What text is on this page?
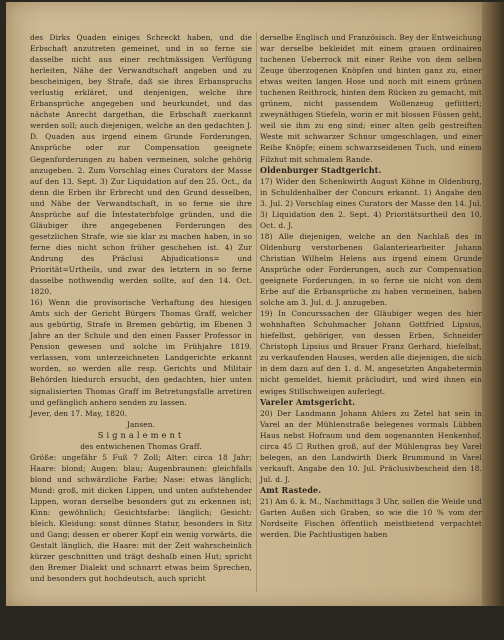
des Dirks Quaden einiges Schreckt haben, und die Erbschaft anzutreten gemeinet, und in so ferne sie dasselbe nicht aus einer rechtmässigen Verfügung herleiten, Nähe der Verwandtschaft angeben und zu bescheinigen, bey Strafe, daß sie ihres Erbanspruchs verlustig erkläret, und denjenigen, welche ihre Erbansprüche angegeben und beurkundet, und das nächste Anrecht dargethan, die Erbschaft zuerkannt werden soll; auch diejenigen, welche an den gedachten J. D. Quaden aus irgend einem Grunde Forderungen, Ansprüche oder zur Compensation geeignete Gegenforderungen zu haben vermeinen, solche gehörig anzugeben. 2. Zum Vorschlag eines Curators der Masse auf den 13. Sept. 3) Zur Liquidation auf den 25. Oct., da denn die Erben ihr Erbrecht und den Grund desselben, und Nähe der Verwandtschaft, in so ferne sie ihre Ansprüche auf die Intestaterbfolge gründen, und die Gläubiger ihre angegebenen Forderungen des gesetzlichen Strafe, wie sie klar zu machen haben, in so ferne dies nicht schon früher geschehen ist. 4) Zur Andrung des Präclusi Abjudications= und Priorität=Urtheils, und zwar des letztern in so ferne dasselbe nothwendig werden sollte, auf den 14. Oct. 1820.

16) Wenn die provisorische Verhaftung des hiesigen Amts sich der Gericht Bürgers Thomas Graff, welcher aus gebürtig, Strafe in Bremen gebürtig, im Ebenen 3 Jahre an der Schule und den einen Fasser Professor in Pension gewesen und solche im Frühjahre 1819. verlassen, vom unterzeichneten Landgerichte erkannt worden, so werden alle resp. Gerichts und Militair Behörden hiedurch ersucht, den gedachten, hier unten signalisierten Thomas Graff im Betretungsfalle arretiren und gefänglich anhero senden zu lassen.

Jever, den 17. May, 1820.

Jansen.

Signalement

des entwichenen Thomas Graff.

Größe: ungefähr 5 Fuß 7 Zoll; Alter: circa 18 Jahr; Haare: blond; Augen: blau; Augenbraunen: gleichfalls blond und schwärzliche Farbe; Nase: etwas länglich; Mund: groß, mit dicken Lippen, und unten aufstehender Lippen, woran derselbe besonders gut zu erkennen ist; Kinn: gewöhnlich; Gesichtsfarbe: länglich; Gesicht: bleich. Kleidung: sonst dünnes Statur, besonders in Sitz und Gang; dessen er oberer Kopf ein wenig vorwärts, die Gestalt länglich, die Haare: mit der Zeit wahrscheinlich kürzer geschnitten und trägt deshalb einen Hut; spricht den Bremer Dialekt und schnarrt etwas beim Sprechen, und besonders gut hochdeutsch, auch spricht

derselbe Englisch und Französisch. Bey der Entweichung war derselbe bekleidet mit einem grauen ordinairen tuchenen Ueberrock mit einer Reihe von dem selben Zeuge überzogenen Knöpfen und hinten ganz zu, einer etwas weiten langen Hose und noch mit einem grünen tuchenen Reithrock, hinten dem Rücken zu gemacht, mit grünem, nicht passendem Wollenzeug gefüttert; zweynäthigen Stiefeln, worin er mit blossen Füssen geht, weil sie ihm zu eng sind; einer alten gelb gestreiften Weste mit schwarzer Schnur umgeschlagen, und einer Reihe Knöpfe; einem schwarzseidenen Tuch, und einem Filzhut mit schmalem Rande.

Oldenburger Stadtgericht.

17) Wider den Schenkwirth August Köhne in Oldenburg, in Schuldenhalber der Concurs erkannt. 1) Angabe den 3. Jul. 2) Vorschlag eines Curators der Masse den 14. Jul. 3) Liquidation den 2. Sept. 4) Prioritätsurtheil den 10. Oct. d. J.

18) Alle diejenigen, welche an den Nachlaß des in Oldenburg verstorbenen Galanteriearbeiter Johann Christian Wilhelm Helens aus irgend einem Grunde Ansprüche oder Forderungen, auch zur Compensation geeignete Forderungen, in so ferne sie nicht von dem Erbe auf die Erbansprüche zu haben vermeinen, haben solche am 3. Jul. d. J. anzugeben.

19) In Concurssachen der Gläubiger wegen des hier wohnhaften Schuhmacher Johann Gottfried Lipsius, hiefelbst, gehöriger, von dessen Erben, Schneider Christoph Lipsius und Brauer Franz Gerhard, hiefelbst, zu verkaufenden Hauses, werden alle diejenigen, die sich in dem dazu auf den 1. d. M. angesetzten Angabetermin nicht gemeldet, hiemit präcludirt, und wird ihnen ein ewiges Stillschweigen auferlegt.

Vareler Amtsgericht.

20) Der Landmann Johann Ahlers zu Zetel hat sein in Varel an der Mühlenstraße belegenes vormals Lübben Haus nebst Hofraum und dem sogenannten Henkenhof, circa 45 ☐ Ruthen groß, auf der Mühlengras bey Varel belegen, an den Landwirth Dierk Brummund in Varel verkauft. Angabe den 10. Jul. Präclusivbescheid den 18. Jul. d. J.

Amt Rastede.

21) Am 6. k. M., Nachmittags 3 Uhr, sollen die Weide und Garten Außen sich Graben, so wie die 10 % vom der Nordseite Fischen öffentlich meistbietend verpachtet werden. Die Pachtlustigen haben
